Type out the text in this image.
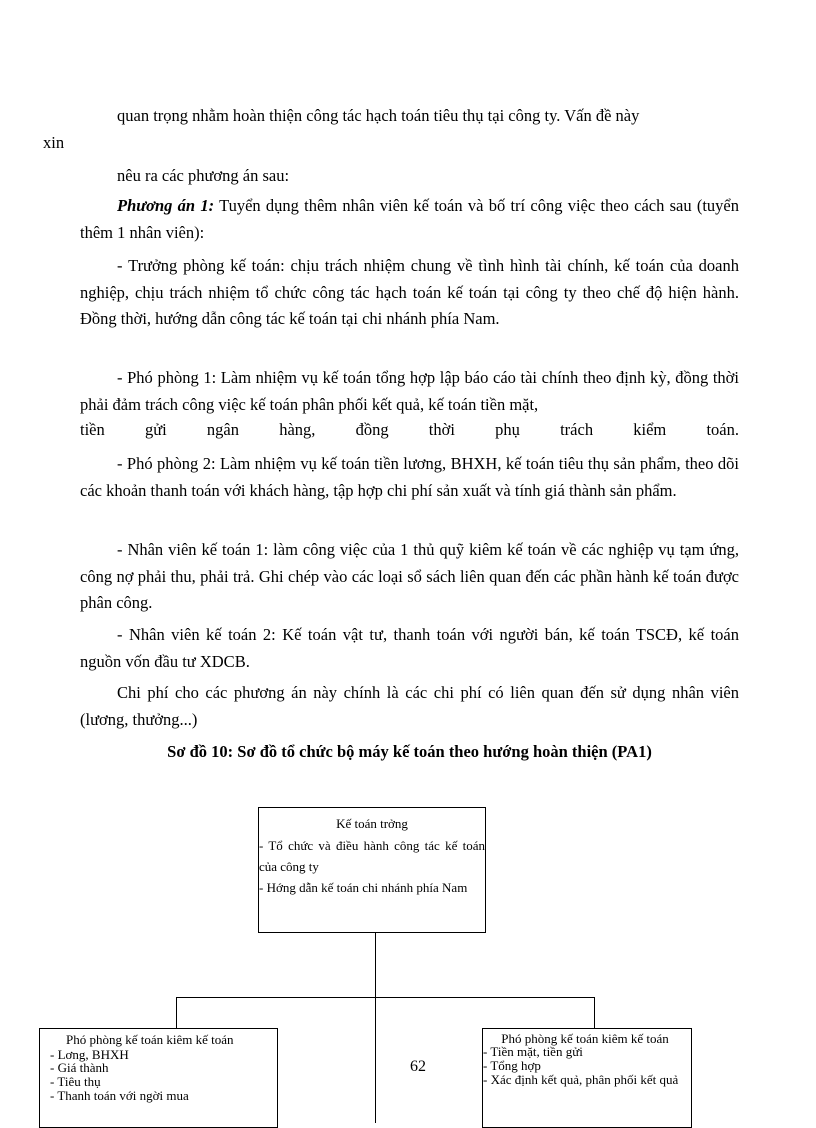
quan trọng nhằm hoàn thiện công tác hạch toán tiêu thụ tại công ty. Vấn đề này
xin

nêu ra các phương án sau:

Phương án 1: Tuyển dụng thêm nhân viên kế toán và bố trí công việc theo cách sau (tuyển thêm 1 nhân viên):

- Trưởng phòng kế toán: chịu trách nhiệm chung về tình hình tài chính, kế toán của doanh nghiệp, chịu trách nhiệm tổ chức công tác hạch toán kế toán tại công ty theo chế độ hiện hành. Đồng thời, hướng dẫn công tác kế toán tại chi nhánh phía Nam.

- Phó phòng 1: Làm nhiệm vụ kế toán tổng hợp lập báo cáo tài chính theo định kỳ, đồng thời phải đảm trách công việc kế toán phân phối kết quả, kế toán tiền mặt,

tiền gửi ngân hàng, đồng thời phụ trách kiểm toán.

- Phó phòng 2: Làm nhiệm vụ kế toán tiền lương, BHXH, kế toán tiêu thụ sản phẩm, theo dõi các khoản thanh toán với khách hàng, tập hợp chi phí sản xuất và tính giá thành sản phẩm.

- Nhân viên kế toán 1: làm công việc của 1 thủ quỹ kiêm kế toán về các nghiệp vụ tạm ứng, công nợ phải thu, phải trả. Ghi chép vào các loại sổ sách liên quan đến các phần hành kế toán được phân công.

- Nhân viên kế toán 2: Kế toán vật tư, thanh toán với người bán, kế toán TSCĐ, kế toán nguồn vốn đầu tư XDCB.

Chi phí cho các phương án này chính là các chi phí có liên quan đến sử dụng nhân viên (lương, thưởng...)

Sơ đồ 10: Sơ đồ tổ chức bộ máy kế toán theo hướng hoàn thiện (PA1)
Kế toán trởng
- Tổ chức và điều hành công tác kế toán của công ty
- Hớng dẫn kế toán chi nhánh phía Nam
Phó phòng kế toán kiêm kế toán
- Lơng, BHXH
- Giá thành
- Tiêu thụ
- Thanh toán với ngời mua
Phó phòng kế toán kiêm kế toán
- Tiền mặt, tiền gửi
- Tổng hợp
- Xác định kết quả, phân phối kết quả
62
